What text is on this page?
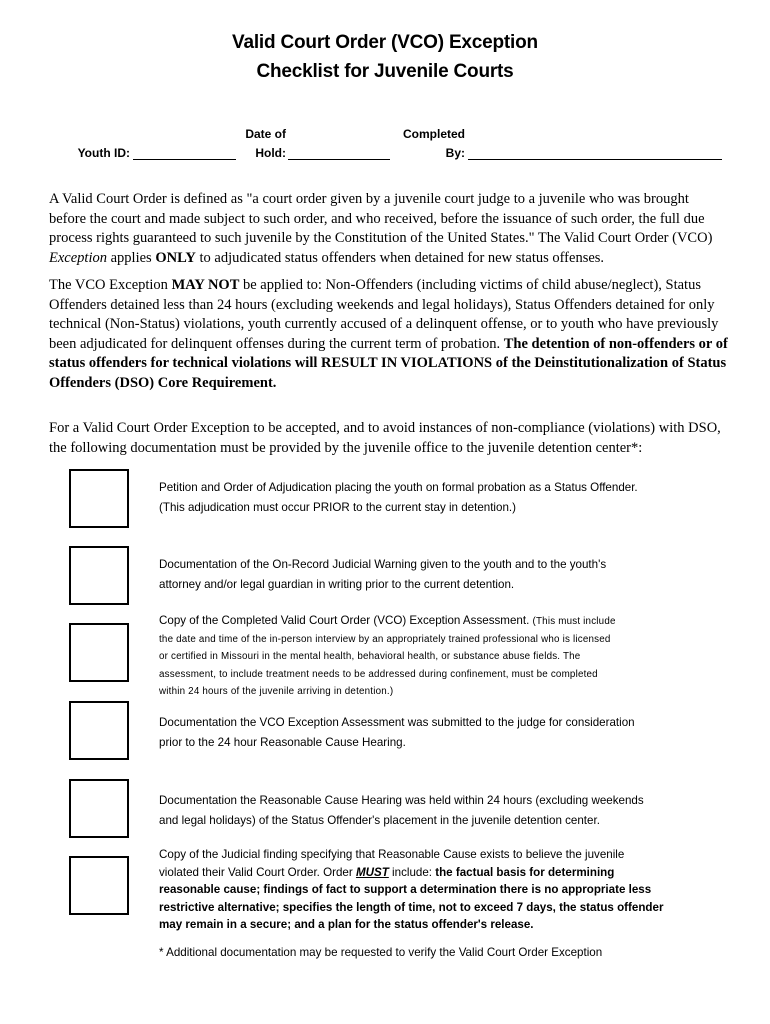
Valid Court Order (VCO) Exception
Checklist for Juvenile Courts
Youth ID:
Date of
Hold:
Completed
By:
A Valid Court Order is defined as "a court order given by a juvenile court judge to a juvenile who was brought before the court and made subject to such order, and who received, before the issuance of such order, the full due process rights guaranteed to such juvenile by the Constitution of the United States." The Valid Court Order (VCO) Exception applies ONLY to adjudicated status offenders when detained for new status offenses.
The VCO Exception MAY NOT be applied to: Non-Offenders (including victims of child abuse/neglect), Status Offenders detained less than 24 hours (excluding weekends and legal holidays), Status Offenders detained for only technical (Non-Status) violations, youth currently accused of a delinquent offense, or to youth who have previously been adjudicated for delinquent offenses during the current term of probation. The detention of non-offenders or of status offenders for technical violations will RESULT IN VIOLATIONS of the Deinstitutionalization of Status Offenders (DSO) Core Requirement.
For a Valid Court Order Exception to be accepted, and to avoid instances of non-compliance (violations) with DSO, the following documentation must be provided by the juvenile office to the juvenile detention center*:
Petition and Order of Adjudication placing the youth on formal probation as a Status Offender.
(This adjudication must occur PRIOR to the current stay in detention.)
Documentation of the On-Record Judicial Warning given to the youth and to the youth's
attorney and/or legal guardian in writing prior to the current detention.
Copy of the Completed Valid Court Order (VCO) Exception Assessment. (This must include
the date and time of the in-person interview by an appropriately trained professional who is licensed
or certified in Missouri in the mental health, behavioral health, or substance abuse fields. The
assessment, to include treatment needs to be addressed during confinement, must be completed
within 24 hours of the juvenile arriving in detention.)
Documentation the VCO Exception Assessment was submitted to the judge for consideration
prior to the 24 hour Reasonable Cause Hearing.
Documentation the Reasonable Cause Hearing was held within 24 hours (excluding weekends
and legal holidays) of the Status Offender's placement in the juvenile detention center.
Copy of the Judicial finding specifying that Reasonable Cause exists to believe the juvenile
violated their Valid Court Order. Order MUST include: the factual basis for determining
reasonable cause; findings of fact to support a determination there is no appropriate less
restrictive alternative; specifies the length of time, not to exceed 7 days, the status offender
may remain in a secure; and a plan for the status offender's release.
* Additional documentation may be requested to verify the Valid Court Order Exception
